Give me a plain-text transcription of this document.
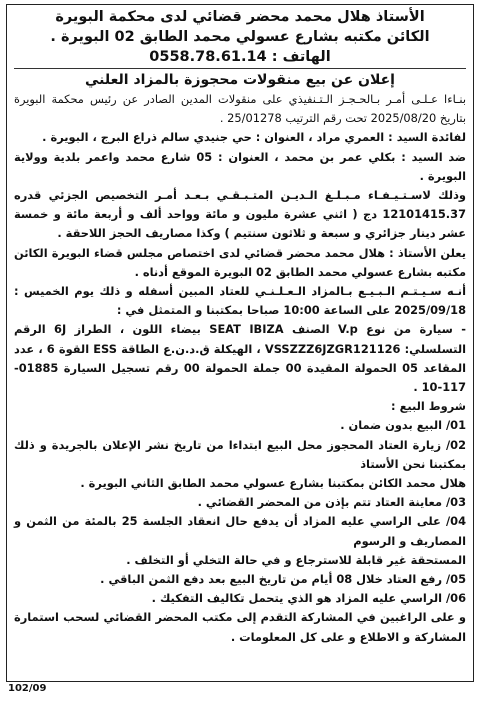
الأستاذ هلال محمد محضر قضائي لدى محكمة البويرة
الكائن مكتبه بشارع عسولي محمد الطابق 02 البويرة .
الهاتف : 0558.78.61.14
إعلان عن بيع منقولات محجوزة بالمزاد العلني

بنـاءا عـلـى أمـر بـالحـجـز الـتـنفيذي على منقولات المدين الصادر عن رئيس محكمة البويرة بتاريخ 2025/08/20 تحت رقم الترتيب 25/01278 .

لفائدة السيد : العمري مراد ، العنوان : حي جنيدي سالم ذراع البرج ، البويرة .

ضد السيد : بكلي عمر بن محمد ، العنوان : 05 شارع محمد واعمر بلدية وولاية البويرة .

وذلك لاسـتـيـفـاء مـبـلـغ الـديـن المتـبـقـي بـعـد أمـر التخصيص الجزئي قدره 12101415.37 دج ( اثني عشرة مليون و مائة وواحد ألف و أربعة مائة و خمسة عشر دينار جزائري و سبعة و ثلاثون سنتيم ) وكذا مصاريف الحجز اللاحقة .

يعلن الأستاذ : هلال محمد محضر قضائي لدى اختصاص مجلس قضاء البويرة الكائن مكتبه بشارع عسولي محمد الطابق 02 البويرة الموقع أدناه .

أنـه سـيـتـم الـبـيـع بـالمزاد الـعـلـنـي للعتاد المبين أسفله و ذلك يوم الخميس : 2025/09/18 على الساعة 10:00 صباحا بمكتبنا و المتمثل في :

- سيارة من نوع V.p الصنف SEAT IBIZA بيضاء اللون ، الطراز 6J الرقم التسلسلي: VSSZZZ6JZGR121126 ، الهيكلة ق.د.ن.ع الطاقة ESS القوة 6 ، عدد المقاعد 05 الحمولة المقيدة 00 جملة الحمولة 00 رقم تسجيل السيارة 01885-117-10 .

شروط البيع :

01/ البيع بدون ضمان .

02/ زيارة العتاد المحجوز محل البيع ابتداءا من تاريخ نشر الإعلان بالجريدة و ذلك بمكتبنا نحن الأستاذ

هلال محمد الكائن بمكتبنا بشارع عسولي محمد الطابق الثاني البويرة .

03/ معاينة العتاد تتم بإذن من المحضر القضائي .

04/ على الراسي عليه المزاد أن يدفع حال انعقاد الجلسة 25 بالمئة من الثمن و المصاريف و الرسوم

المستحقة غير قابلة للاسترجاع و في حالة التخلي أو التخلف .

05/ رفع العتاد خلال 08 أيام من تاريخ البيع بعد دفع الثمن الباقي .

06/ الراسي عليه المزاد هو الذي يتحمل تكاليف التفكيك .

و على الراغبين في المشاركة التقدم إلى مكتب المحضر القضائي لسحب استمارة المشاركة و الاطلاع و على كل المعلومات .

102/09
